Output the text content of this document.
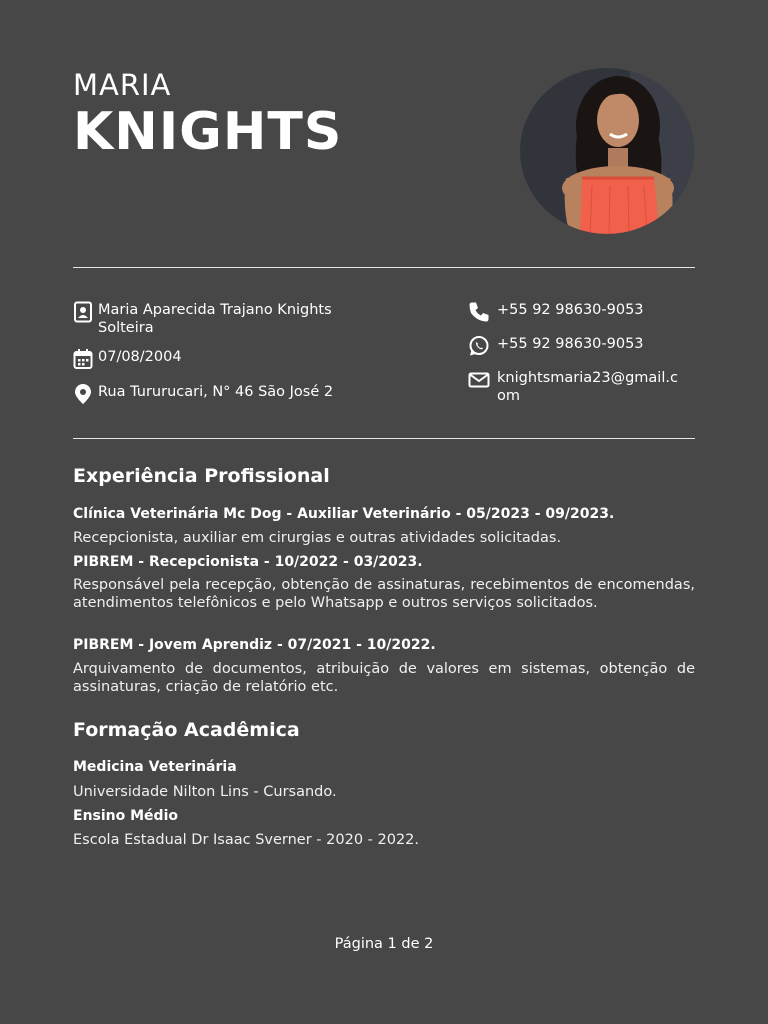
MARIA
KNIGHTS
Maria Aparecida Trajano Knights
Solteira
07/08/2004
Rua Tururucari, N° 46 São José 2
+55 92 98630-9053
+55 92 98630-9053
knightsmaria23@gmail.c
om
Experiência Profissional
Clínica Veterinária Mc Dog - Auxiliar Veterinário - 05/2023 - 09/2023.
Recepcionista, auxiliar em cirurgias e outras atividades solicitadas.
PIBREM - Recepcionista - 10/2022 - 03/2023.
Responsável pela recepção, obtenção de assinaturas, recebimentos de encomendas, atendimentos telefônicos e pelo Whatsapp e outros serviços solicitados.
PIBREM - Jovem Aprendiz - 07/2021 - 10/2022.
Arquivamento de documentos, atribuição de valores em sistemas, obtenção de assinaturas, criação de relatório etc.
Formação Acadêmica
Medicina Veterinária
Universidade Nilton Lins - Cursando.
Ensino Médio
Escola Estadual Dr Isaac Sverner - 2020 - 2022.
Página 1 de 2
